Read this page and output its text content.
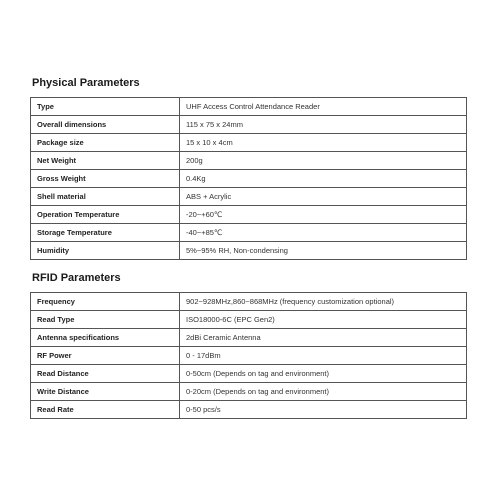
Physical Parameters
Type	UHF Access Control Attendance Reader
Overall dimensions	115 x 75 x 24mm
Package size	15 x 10 x 4cm
Net Weight	200g
Gross Weight	0.4Kg
Shell material	ABS + Acrylic
Operation Temperature	-20~+60℃
Storage Temperature	-40~+85℃
Humidity	5%~95% RH, Non-condensing
RFID Parameters
Frequency	902~928MHz,860~868MHz (frequency customization optional)
Read Type	ISO18000-6C (EPC Gen2)
Antenna specifications	2dBi Ceramic Antenna
RF Power	0 - 17dBm
Read Distance	0-50cm (Depends on tag and environment)
Write Distance	0-20cm (Depends on tag and environment)
Read Rate	0-50 pcs/s
